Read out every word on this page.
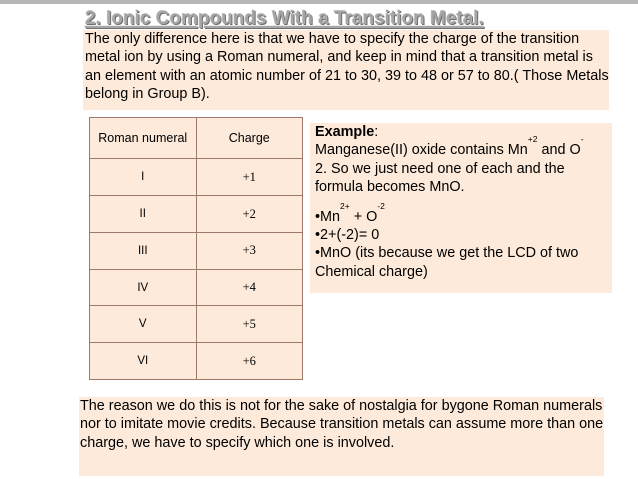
2. Ionic Compounds With a Transition Metal.

The only difference here is that we have to specify the charge of the transition metal ion by using a Roman numeral, and keep in mind that a transition metal is an element with an atomic number of 21 to 30, 39 to 48 or 57 to 80.( Those Metals belong in Group B).

Roman numeral	Charge
I	+1
II	+2
III	+3
IV	+4
V	+5
VI	+6

Example:

Manganese(II) oxide contains $Mn^{+2}$ and O-
2. So we just need one of each and the formula becomes MnO.

$•Mn^{2+} + O^{-2}$

•2+(-2)= 0

•MnO (its because we get the LCD of two Chemical charge)

The reason we do this is not for the sake of nostalgia for bygone Roman numerals nor to imitate movie credits. Because transition metals can assume more than one charge, we have to specify which one is involved.
